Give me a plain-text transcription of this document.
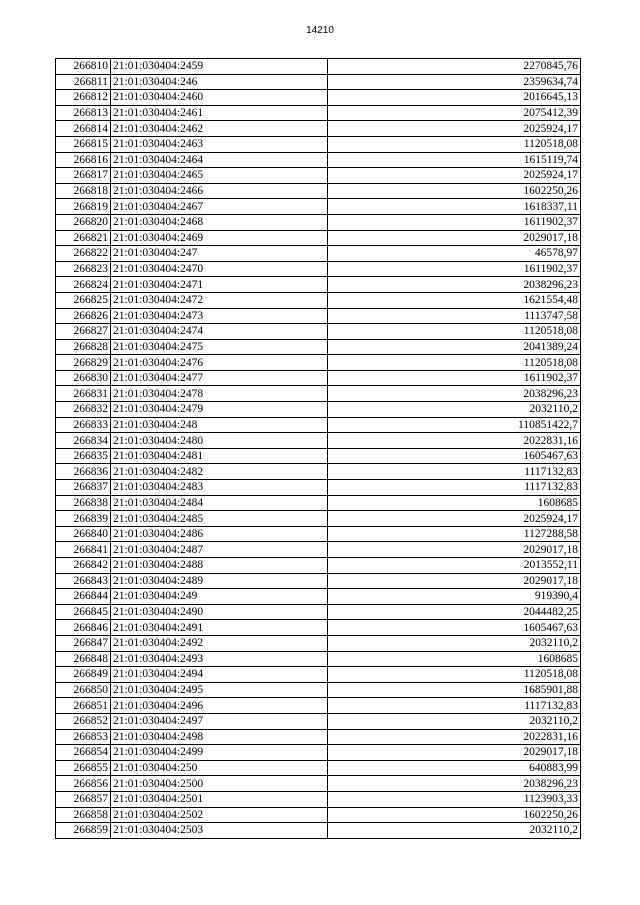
14210
266810	21:01:030404:2459	2270845,76
266811	21:01:030404:246	2359634,74
266812	21:01:030404:2460	2016645,13
266813	21:01:030404:2461	2075412,39
266814	21:01:030404:2462	2025924,17
266815	21:01:030404:2463	1120518,08
266816	21:01:030404:2464	1615119,74
266817	21:01:030404:2465	2025924,17
266818	21:01:030404:2466	1602250,26
266819	21:01:030404:2467	1618337,11
266820	21:01:030404:2468	1611902,37
266821	21:01:030404:2469	2029017,18
266822	21:01:030404:247	46578,97
266823	21:01:030404:2470	1611902,37
266824	21:01:030404:2471	2038296,23
266825	21:01:030404:2472	1621554,48
266826	21:01:030404:2473	1113747,58
266827	21:01:030404:2474	1120518,08
266828	21:01:030404:2475	2041389,24
266829	21:01:030404:2476	1120518,08
266830	21:01:030404:2477	1611902,37
266831	21:01:030404:2478	2038296,23
266832	21:01:030404:2479	2032110,2
266833	21:01:030404:248	110851422,7
266834	21:01:030404:2480	2022831,16
266835	21:01:030404:2481	1605467,63
266836	21:01:030404:2482	1117132,83
266837	21:01:030404:2483	1117132,83
266838	21:01:030404:2484	1608685
266839	21:01:030404:2485	2025924,17
266840	21:01:030404:2486	1127288,58
266841	21:01:030404:2487	2029017,18
266842	21:01:030404:2488	2013552,11
266843	21:01:030404:2489	2029017,18
266844	21:01:030404:249	919390,4
266845	21:01:030404:2490	2044482,25
266846	21:01:030404:2491	1605467,63
266847	21:01:030404:2492	2032110,2
266848	21:01:030404:2493	1608685
266849	21:01:030404:2494	1120518,08
266850	21:01:030404:2495	1685901,88
266851	21:01:030404:2496	1117132,83
266852	21:01:030404:2497	2032110,2
266853	21:01:030404:2498	2022831,16
266854	21:01:030404:2499	2029017,18
266855	21:01:030404:250	640883,99
266856	21:01:030404:2500	2038296,23
266857	21:01:030404:2501	1123903,33
266858	21:01:030404:2502	1602250,26
266859	21:01:030404:2503	2032110,2
